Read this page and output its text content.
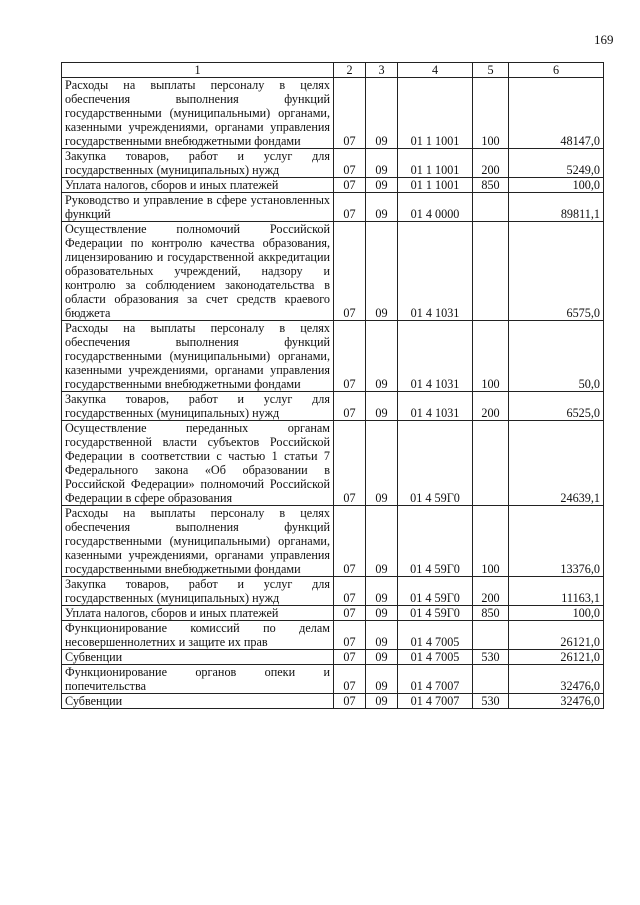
169
1	2	3	4	5	6
Расходы на выплаты персоналу в целях обеспечения выполнения функций государственными (муниципальными) органами, казенными учреждениями, органами управления государственными внебюджетными фондами	07	09	01 1 1001	100	48147,0
Закупка товаров, работ и услуг для государственных (муниципальных) нужд	07	09	01 1 1001	200	5249,0
Уплата налогов, сборов и иных платежей	07	09	01 1 1001	850	100,0
Руководство и управление в сфере установленных функций	07	09	01 4 0000		89811,1
Осуществление полномочий Российской Федерации по контролю качества образования, лицензированию и государственной аккредитации образовательных учреждений, надзору и контролю за соблюдением законодательства в области образования за счет средств краевого бюджета	07	09	01 4 1031		6575,0
Расходы на выплаты персоналу в целях обеспечения выполнения функций государственными (муниципальными) органами, казенными учреждениями, органами управления государственными внебюджетными фондами	07	09	01 4 1031	100	50,0
Закупка товаров, работ и услуг для государственных (муниципальных) нужд	07	09	01 4 1031	200	6525,0
Осуществление переданных органам государственной власти субъектов Российской Федерации в соответствии с частью 1 статьи 7 Федерального закона «Об образовании в Российской Федерации» полномочий Российской Федерации в сфере образования	07	09	01 4 59Г0		24639,1
Расходы на выплаты персоналу в целях обеспечения выполнения функций государственными (муниципальными) органами, казенными учреждениями, органами управления государственными внебюджетными фондами	07	09	01 4 59Г0	100	13376,0
Закупка товаров, работ и услуг для государственных (муниципальных) нужд	07	09	01 4 59Г0	200	11163,1
Уплата налогов, сборов и иных платежей	07	09	01 4 59Г0	850	100,0
Функционирование комиссий по делам несовершеннолетних и защите их прав	07	09	01 4 7005		26121,0
Субвенции	07	09	01 4 7005	530	26121,0
Функционирование органов опеки и попечительства	07	09	01 4 7007		32476,0
Субвенции	07	09	01 4 7007	530	32476,0
